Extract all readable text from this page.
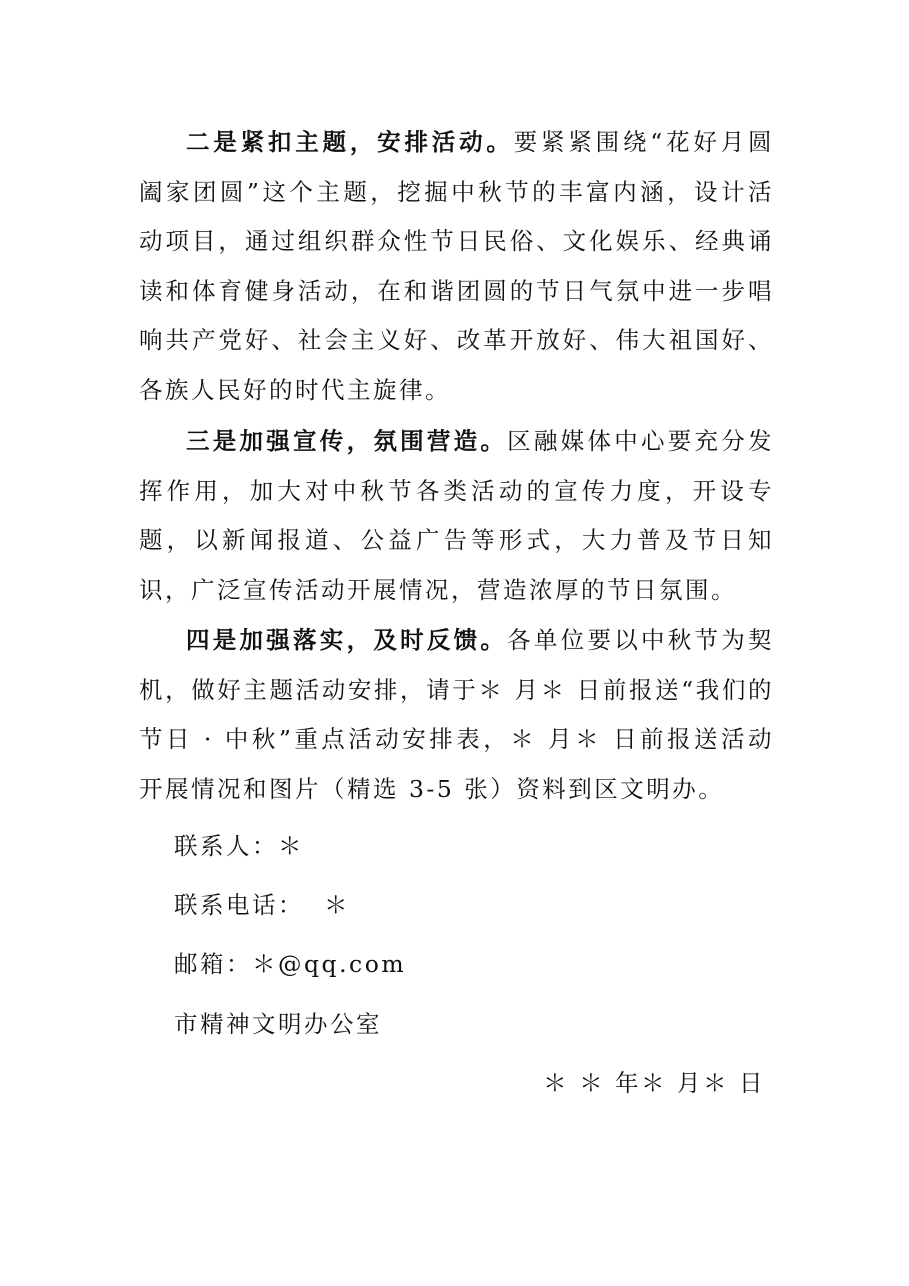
二是紧扣主题，安排活动。要紧紧围绕“花好月圆 阖家团圆”这个主题，挖掘中秋节的丰富内涵，设计活动项目，通过组织群众性节日民俗、文化娱乐、经典诵读和体育健身活动，在和谐团圆的节日气氛中进一步唱响共产党好、社会主义好、改革开放好、伟大祖国好、各族人民好的时代主旋律。

三是加强宣传，氛围营造。区融媒体中心要充分发挥作用，加大对中秋节各类活动的宣传力度，开设专题，以新闻报道、公益广告等形式，大力普及节日知识，广泛宣传活动开展情况，营造浓厚的节日氛围。

四是加强落实，及时反馈。各单位要以中秋节为契机，做好主题活动安排，请于＊ 月＊ 日前报送“我们的节日 · 中秋”重点活动安排表，＊ 月＊ 日前报送活动开展情况和图片（精选 3-5 张）资料到区文明办。

联系人：＊

联系电话：  ＊

邮箱：＊@qq.com

市精神文明办公室

＊ ＊ 年＊ 月＊ 日
